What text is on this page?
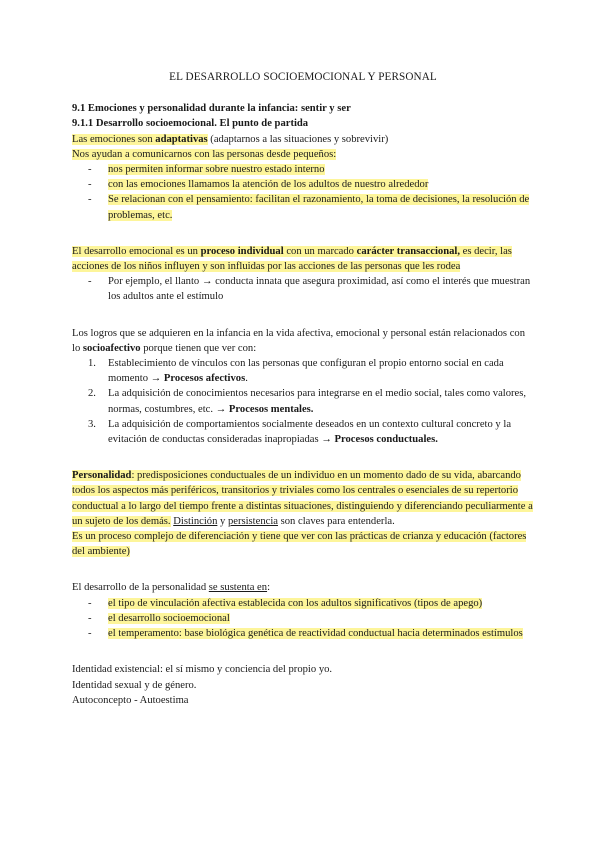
EL DESARROLLO SOCIOEMOCIONAL Y PERSONAL

9.1 Emociones y personalidad durante la infancia: sentir y ser

9.1.1 Desarrollo socioemocional. El punto de partida

Las emociones son adaptativas (adaptarnos a las situaciones y sobrevivir)

Nos ayudan a comunicarnos con las personas desde pequeños:

- nos permiten informar sobre nuestro estado interno
- con las emociones llamamos la atención de los adultos de nuestro alrededor
- Se relacionan con el pensamiento: facilitan el razonamiento, la toma de decisiones, la resolución de problemas, etc.

El desarrollo emocional es un proceso individual con un marcado carácter transaccional, es decir, las acciones de los niños influyen y son influidas por las acciones de las personas que les rodea

- Por ejemplo, el llanto → conducta innata que asegura proximidad, así como el interés que muestran los adultos ante el estímulo

Los logros que se adquieren en la infancia en la vida afectiva, emocional y personal están relacionados con lo socioafectivo porque tienen que ver con:

1. Establecimiento de vínculos con las personas que configuran el propio entorno social en cada momento → Procesos afectivos.
2. La adquisición de conocimientos necesarios para integrarse en el medio social, tales como valores, normas, costumbres, etc. → Procesos mentales.
3. La adquisición de comportamientos socialmente deseados en un contexto cultural concreto y la evitación de conductas consideradas inapropiadas → Procesos conductuales.

Personalidad: predisposiciones conductuales de un individuo en un momento dado de su vida, abarcando todos los aspectos más periféricos, transitorios y triviales como los centrales o esenciales de su repertorio conductual a lo largo del tiempo frente a distintas situaciones, distinguiendo y diferenciando peculiarmente a un sujeto de los demás. Distinción y persistencia son claves para entenderla.

Es un proceso complejo de diferenciación y tiene que ver con las prácticas de crianza y educación (factores del ambiente)

El desarrollo de la personalidad se sustenta en:

- el tipo de vinculación afectiva establecida con los adultos significativos (tipos de apego)
- el desarrollo socioemocional
- el temperamento: base biológica genética de reactividad conductual hacia determinados estímulos

Identidad existencial: el sí mismo y conciencia del propio yo.

Identidad sexual y de género.

Autoconcepto - Autoestima
